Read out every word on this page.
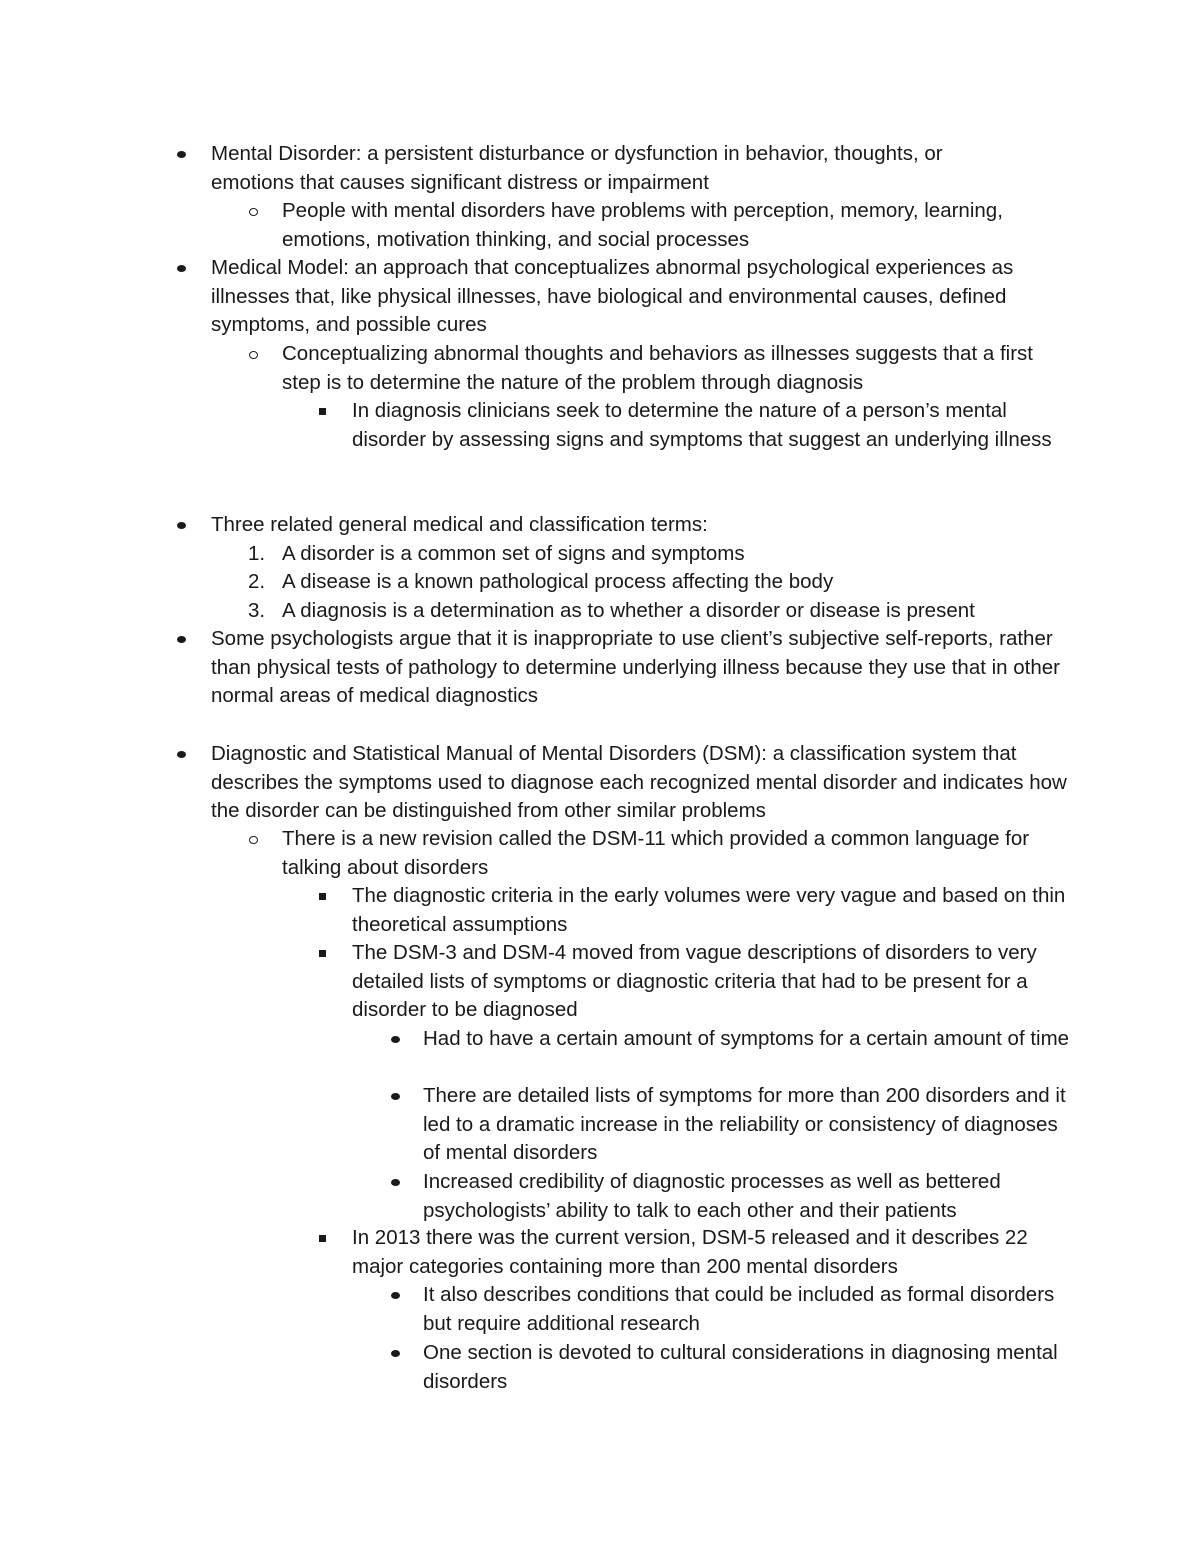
Mental Disorder: a persistent disturbance or dysfunction in behavior, thoughts, or emotions that causes significant distress or impairment
People with mental disorders have problems with perception, memory, learning, emotions, motivation thinking, and social processes
Medical Model: an approach that conceptualizes abnormal psychological experiences as illnesses that, like physical illnesses, have biological and environmental causes, defined symptoms, and possible cures
Conceptualizing abnormal thoughts and behaviors as illnesses suggests that a first step is to determine the nature of the problem through diagnosis
In diagnosis clinicians seek to determine the nature of a person’s mental disorder by assessing signs and symptoms that suggest an underlying illness
Three related general medical and classification terms:
1. A disorder is a common set of signs and symptoms
2. A disease is a known pathological process affecting the body
3. A diagnosis is a determination as to whether a disorder or disease is present
Some psychologists argue that it is inappropriate to use client’s subjective self-reports, rather than physical tests of pathology to determine underlying illness because they use that in other normal areas of medical diagnostics
Diagnostic and Statistical Manual of Mental Disorders (DSM): a classification system that describes the symptoms used to diagnose each recognized mental disorder and indicates how the disorder can be distinguished from other similar problems
There is a new revision called the DSM-11 which provided a common language for talking about disorders
The diagnostic criteria in the early volumes were very vague and based on thin theoretical assumptions
The DSM-3 and DSM-4 moved from vague descriptions of disorders to very detailed lists of symptoms or diagnostic criteria that had to be present for a disorder to be diagnosed
Had to have a certain amount of symptoms for a certain amount of time
There are detailed lists of symptoms for more than 200 disorders and it led to a dramatic increase in the reliability or consistency of diagnoses of mental disorders
Increased credibility of diagnostic processes as well as bettered psychologists’ ability to talk to each other and their patients
In 2013 there was the current version, DSM-5 released and it describes 22 major categories containing more than 200 mental disorders
It also describes conditions that could be included as formal disorders but require additional research
One section is devoted to cultural considerations in diagnosing mental disorders
